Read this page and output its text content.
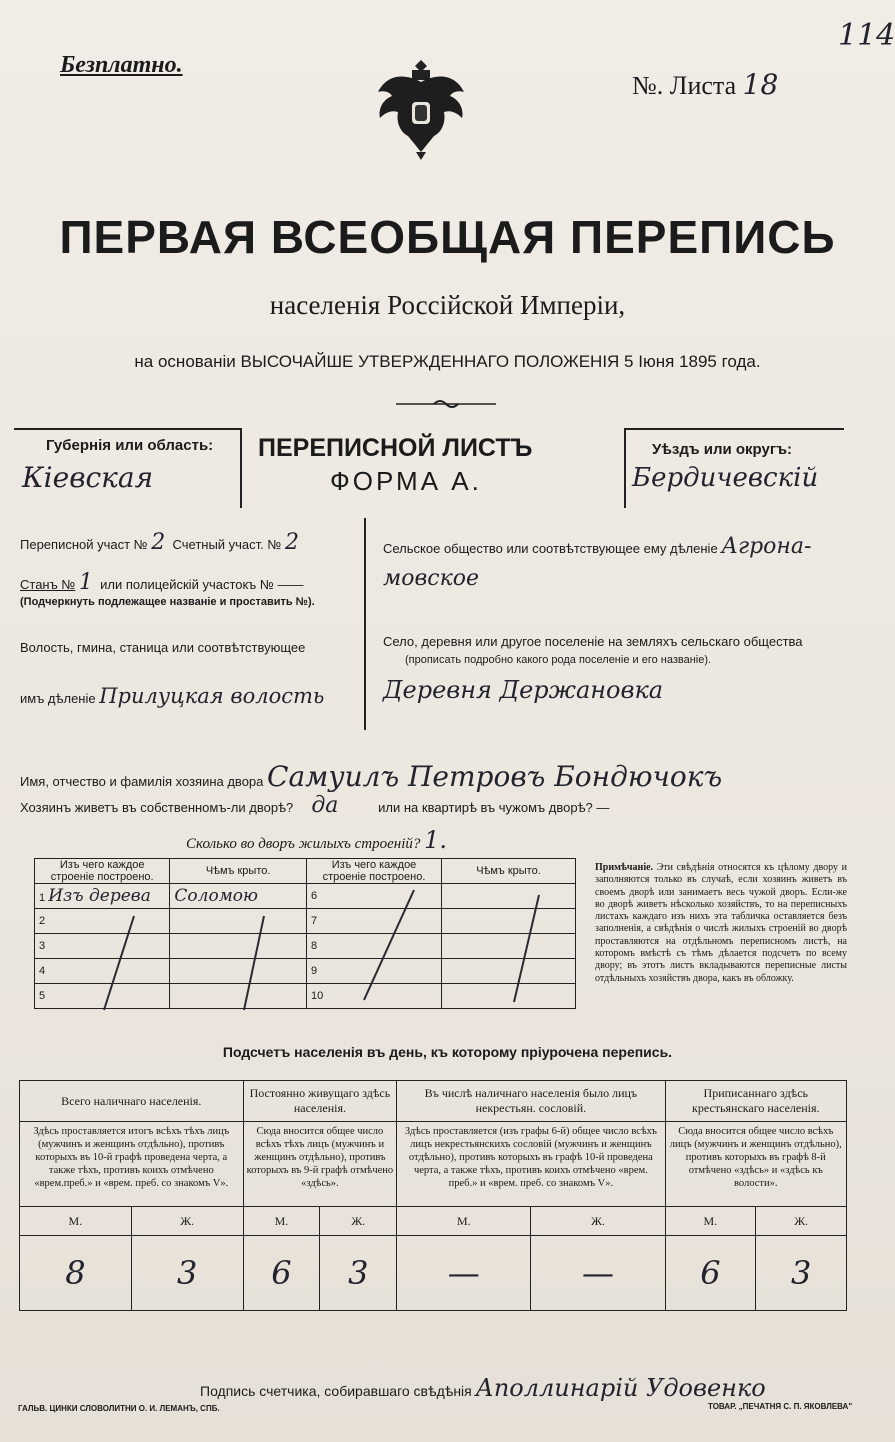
Безплатно.
114
№. Листа 18
ПЕРВАЯ ВСЕОБЩАЯ ПЕРЕПИСЬ
населенія Россійской Имперіи,
на основаніи ВЫСОЧАЙШЕ УТВЕРЖДЕННАГО ПОЛОЖЕНІЯ 5 Іюня 1895 года.
Губернія или область:
Кіевская
ПЕРЕПИСНОЙ ЛИСТЪ
ФОРМА А.
Уѣздъ или округъ:
Бердичевскій
Переписной участ № 2 Счетный участ. № 2
Станъ № 1 или полицейскій участокъ № ——
(Подчеркнуть подлежащее названіе и проставить №).
Волость, гмина, станица или соотвѣтствующее
имъ дѣленіе Прилуцкая волость
Сельское общество или соотвѣтствующее ему дѣленіе Агрона-
мовское
Село, деревня или другое поселеніе на земляхъ сельскаго общества
(прописать подробно какого рода поселеніе и его названіе).
Деревня Держановка
Имя, отчество и фамилія хозяина двора Самуилъ Петровъ Бондючокъ
Хозяинъ живетъ въ собственномъ-ли дворѣ? да	или на квартирѣ въ чужомъ дворѣ? —
Сколько во дворъ жилыхъ строеній? 1.
Изъ чего каждое строеніе построено.	Чѣмъ крыто.	Изъ чего каждое строеніе построено.	Чѣмъ крыто.
1 Изъ дерева	Соломою	6	
2		7	
3		8	
4		9	
5		10	
Примѣчаніе. Эти свѣдѣнія относятся къ цѣлому двору и заполняются только въ случаѣ, если хозяинъ живетъ въ своемъ дворѣ или занимаетъ весь чужой дворъ. Если-же во дворѣ живетъ нѣсколько хозяйствъ, то на переписныхъ листахъ каждаго изъ нихъ эта табличка оставляется безъ заполненія, а свѣдѣнія о числѣ жилыхъ строеній во дворѣ проставляются на отдѣльномъ переписномъ листѣ, на которомъ вмѣстѣ съ тѣмъ дѣлается подсчетъ по всему двору; въ этотъ листъ вкладываются переписные листы отдѣльныхъ хозяйствъ двора, какъ въ обложку.
Подсчетъ населенія въ день, къ которому пріурочена перепись.
Всего наличнаго населенія.		Постоянно живущаго здѣсь населенія.		Въ числѣ наличнаго населенія было лицъ некрестьян. сословій.		Приписаннаго здѣсь крестьянскаго населенія.	
Здѣсь проставляется итогъ всѣхъ тѣхъ лицъ (мужчинъ и женщинъ отдѣльно), противъ которыхъ въ 10-й графѣ проведена черта, а также тѣхъ, противъ коихъ отмѣчено «врем.преб.» и «врем. преб. со знакомъ V».		Сюда вносится общее число всѣхъ тѣхъ лицъ (мужчинъ и женщинъ отдѣльно), противъ которыхъ въ 9-й графѣ отмѣчено «здѣсь».		Здѣсь проставляется (изъ графы 6-й) общее число всѣхъ лицъ некрестьянскихъ сословій (мужчинъ и женщинъ отдѣльно), противъ которыхъ въ графѣ 10-й проведена черта, а также тѣхъ, противъ коихъ отмѣчено «врем. преб.» и «врем. преб. со знакомъ V».		Сюда вносится общее число всѣхъ лицъ (мужчинъ и женщинъ отдѣльно), противъ которыхъ въ графѣ 8-й отмѣчено «здѣсь» и «здѣсь къ волости».	
М.	Ж.	М.	Ж.	М.	Ж.	М.	Ж.
8	3	6	3	—	—	6	3
Подпись счетчика, собиравшаго свѣдѣнія Аполлинарій Удовенко
ГАЛЬВ. ЦИНКИ СЛОВОЛИТНИ О. И. ЛЕМАНЪ, СПБ.	ТОВАР. „ПЕЧАТНЯ С. П. ЯКОВЛЕВА"
